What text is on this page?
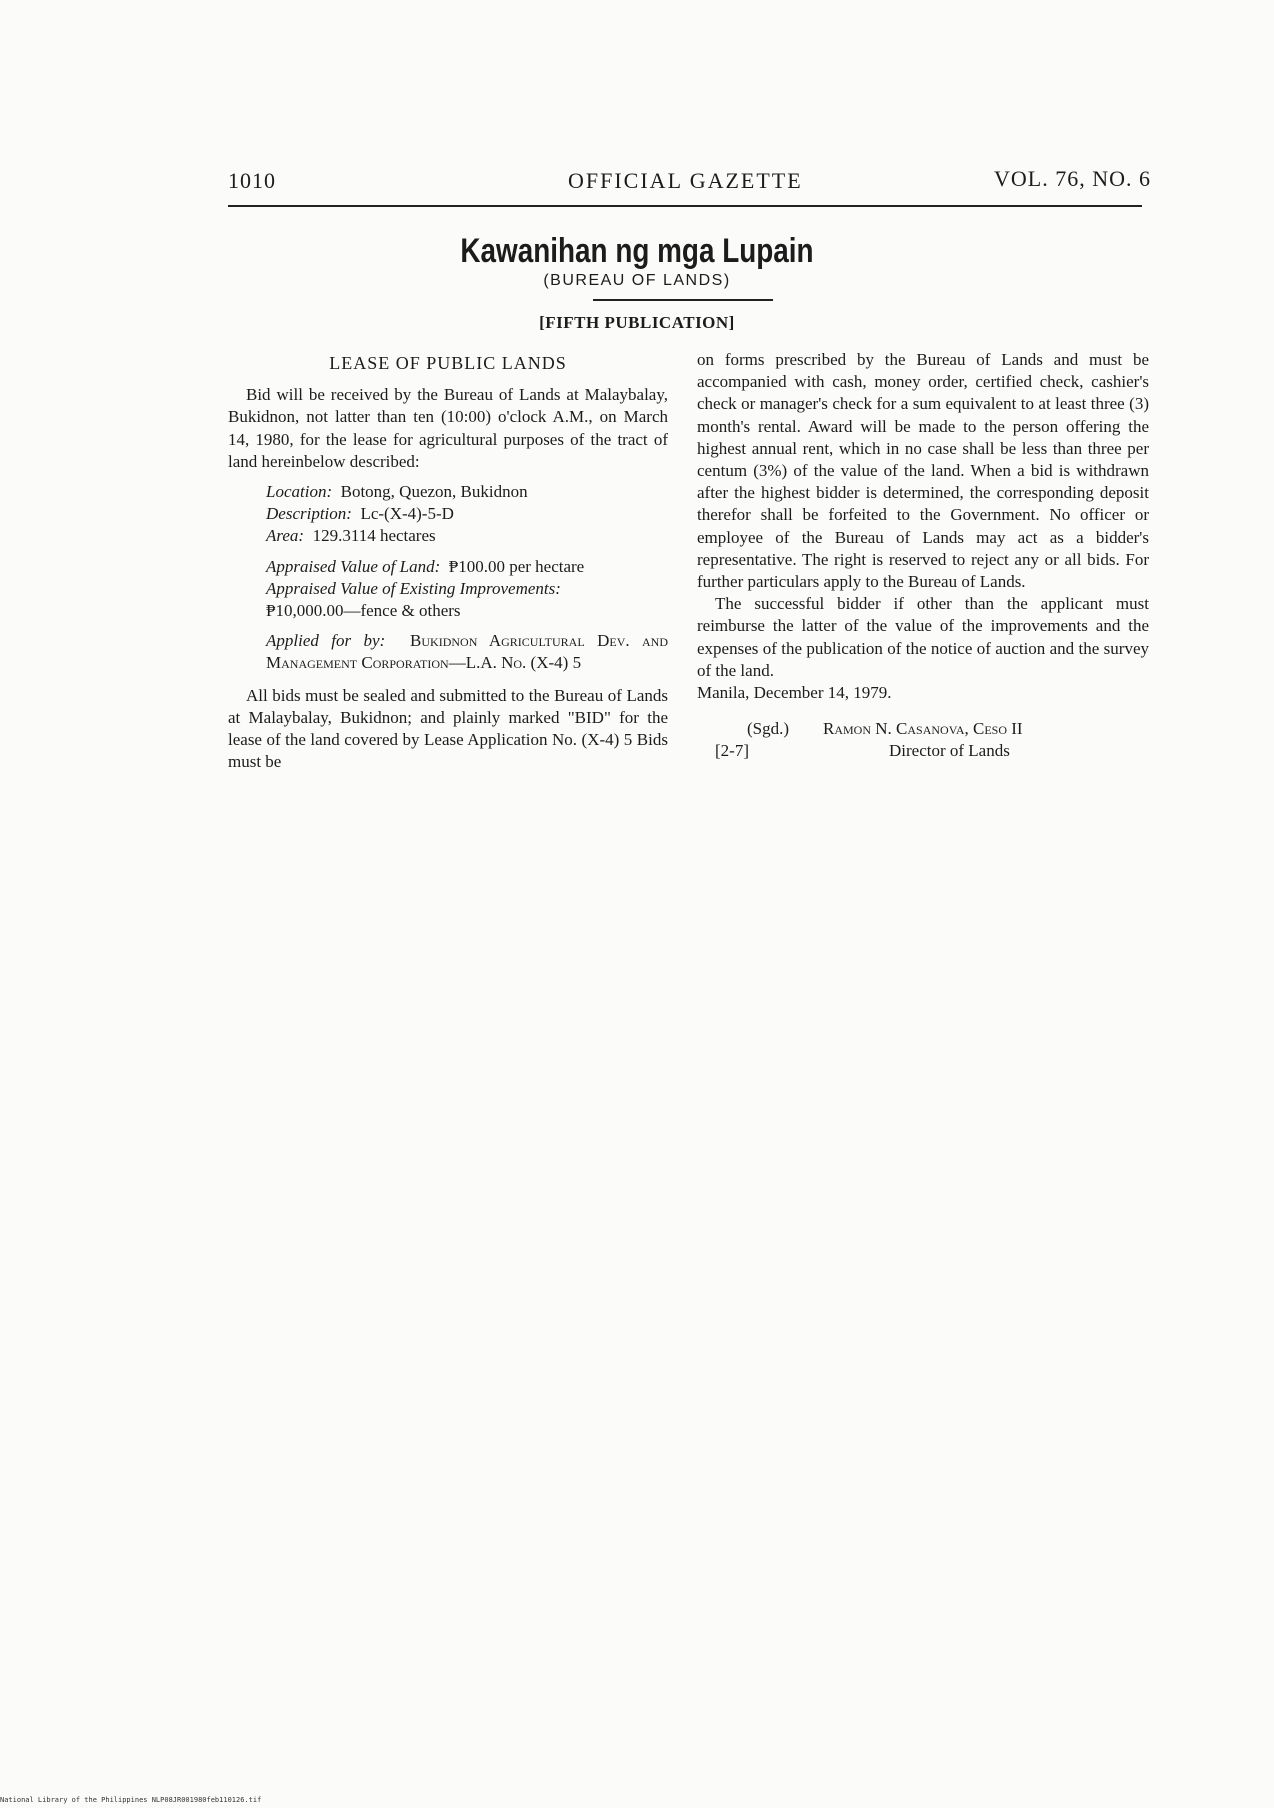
1010	OFFICIAL GAZETTE	VOL. 76, NO. 6
Kawanihan ng mga Lupain
(BUREAU OF LANDS)
[FIFTH PUBLICATION]
LEASE OF PUBLIC LANDS

Bid will be received by the Bureau of Lands at Malaybalay, Bukidnon, not latter than ten (10:00) o'clock A.M., on March 14, 1980, for the lease for agricultural purposes of the tract of land hereinbelow described:

Location: Botong, Quezon, Bukidnon
Description: Lc-(X-4)-5-D
Area: 129.3114 hectares
Appraised Value of Land: ₱100.00 per hectare
Appraised Value of Existing Improvements:
₱10,000.00—fence & others
Applied for by: Bukidnon Agricultural Dev. and Management Corporation—L.A. No. (X-4) 5

All bids must be sealed and submitted to the Bureau of Lands at Malaybalay, Bukidnon; and plainly marked "BID" for the lease of the land covered by Lease Application No. (X-4) 5 Bids must be

on forms prescribed by the Bureau of Lands and must be accompanied with cash, money order, certified check, cashier's check or manager's check for a sum equivalent to at least three (3) month's rental. Award will be made to the person offering the highest annual rent, which in no case shall be less than three per centum (3%) of the value of the land. When a bid is withdrawn after the highest bidder is determined, the corresponding deposit therefor shall be forfeited to the Government. No officer or employee of the Bureau of Lands may act as a bidder's representative. The right is reserved to reject any or all bids. For further particulars apply to the Bureau of Lands.

The successful bidder if other than the applicant must reimburse the latter of the value of the improvements and the expenses of the publication of the notice of auction and the survey of the land.

Manila, December 14, 1979.
(Sgd.)	Ramon N. Casanova, Ceso II
[2-7]	Director of Lands
National Library of the Philippines NLP08JR001980feb110126.tif
